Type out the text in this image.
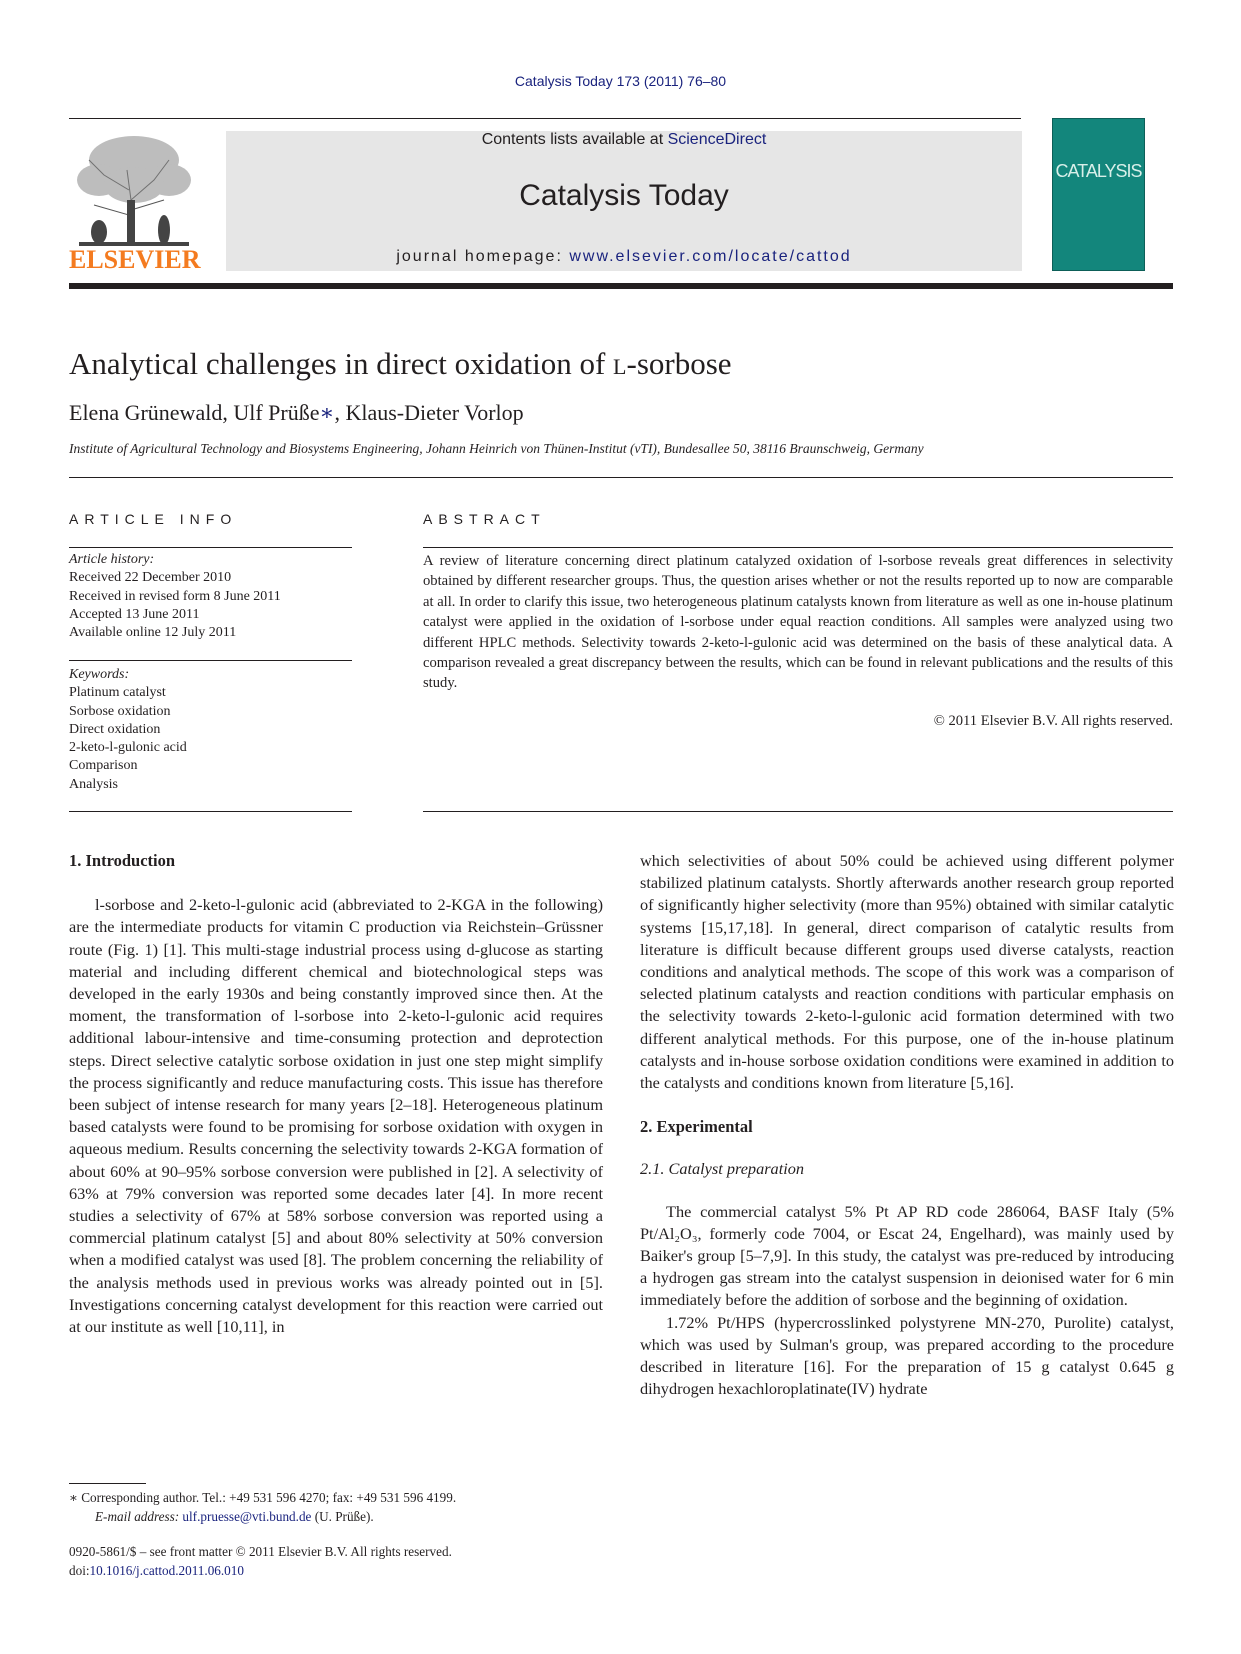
Catalysis Today 173 (2011) 76–80
ELSEVIER
Contents lists available at ScienceDirect
Catalysis Today
journal homepage: www.elsevier.com/locate/cattod
CATALYSIS
Analytical challenges in direct oxidation of l-sorbose
Elena Grünewald, Ulf Prüße∗, Klaus-Dieter Vorlop
Institute of Agricultural Technology and Biosystems Engineering, Johann Heinrich von Thünen-Institut (vTI), Bundesallee 50, 38116 Braunschweig, Germany
ARTICLE INFO	ABSTRACT
Article history:
Received 22 December 2010
Received in revised form 8 June 2011
Accepted 13 June 2011
Available online 12 July 2011
Keywords:
Platinum catalyst
Sorbose oxidation
Direct oxidation
2-keto-l-gulonic acid
Comparison
Analysis
A review of literature concerning direct platinum catalyzed oxidation of l-sorbose reveals great differences in selectivity obtained by different researcher groups. Thus, the question arises whether or not the results reported up to now are comparable at all. In order to clarify this issue, two heterogeneous platinum catalysts known from literature as well as one in-house platinum catalyst were applied in the oxidation of l-sorbose under equal reaction conditions. All samples were analyzed using two different HPLC methods. Selectivity towards 2-keto-l-gulonic acid was determined on the basis of these analytical data. A comparison revealed a great discrepancy between the results, which can be found in relevant publications and the results of this study.
© 2011 Elsevier B.V. All rights reserved.

1. Introduction

l-sorbose and 2-keto-l-gulonic acid (abbreviated to 2-KGA in the following) are the intermediate products for vitamin C production via Reichstein–Grüssner route (Fig. 1) [1]. This multi-stage industrial process using d-glucose as starting material and including different chemical and biotechnological steps was developed in the early 1930s and being constantly improved since then. At the moment, the transformation of l-sorbose into 2-keto-l-gulonic acid requires additional labour-intensive and time-consuming protection and deprotection steps. Direct selective catalytic sorbose oxidation in just one step might simplify the process significantly and reduce manufacturing costs. This issue has therefore been subject of intense research for many years [2–18]. Heterogeneous platinum based catalysts were found to be promising for sorbose oxidation with oxygen in aqueous medium. Results concerning the selectivity towards 2-KGA formation of about 60% at 90–95% sorbose conversion were published in [2]. A selectivity of 63% at 79% conversion was reported some decades later [4]. In more recent studies a selectivity of 67% at 58% sorbose conversion was reported using a commercial platinum catalyst [5] and about 80% selectivity at 50% conversion when a modified catalyst was used [8]. The problem concerning the reliability of the analysis methods used in previous works was already pointed out in [5]. Investigations concerning catalyst development for this reaction were carried out at our institute as well [10,11], in

which selectivities of about 50% could be achieved using different polymer stabilized platinum catalysts. Shortly afterwards another research group reported of significantly higher selectivity (more than 95%) obtained with similar catalytic systems [15,17,18]. In general, direct comparison of catalytic results from literature is difficult because different groups used diverse catalysts, reaction conditions and analytical methods. The scope of this work was a comparison of selected platinum catalysts and reaction conditions with particular emphasis on the selectivity towards 2-keto-l-gulonic acid formation determined with two different analytical methods. For this purpose, one of the in-house platinum catalysts and in-house sorbose oxidation conditions were examined in addition to the catalysts and conditions known from literature [5,16].

2. Experimental

2.1. Catalyst preparation

The commercial catalyst 5% Pt AP RD code 286064, BASF Italy (5% Pt/Al₂O₃, formerly code 7004, or Escat 24, Engelhard), was mainly used by Baiker's group [5–7,9]. In this study, the catalyst was pre-reduced by introducing a hydrogen gas stream into the catalyst suspension in deionised water for 6 min immediately before the addition of sorbose and the beginning of oxidation.

1.72% Pt/HPS (hypercrosslinked polystyrene MN-270, Purolite) catalyst, which was used by Sulman's group, was prepared according to the procedure described in literature [16]. For the preparation of 15 g catalyst 0.645 g dihydrogen hexachloroplatinate(IV) hydrate

∗ Corresponding author. Tel.: +49 531 596 4270; fax: +49 531 596 4199.
E-mail address: ulf.pruesse@vti.bund.de (U. Prüße).
0920-5861/$ – see front matter © 2011 Elsevier B.V. All rights reserved.
doi:10.1016/j.cattod.2011.06.010
